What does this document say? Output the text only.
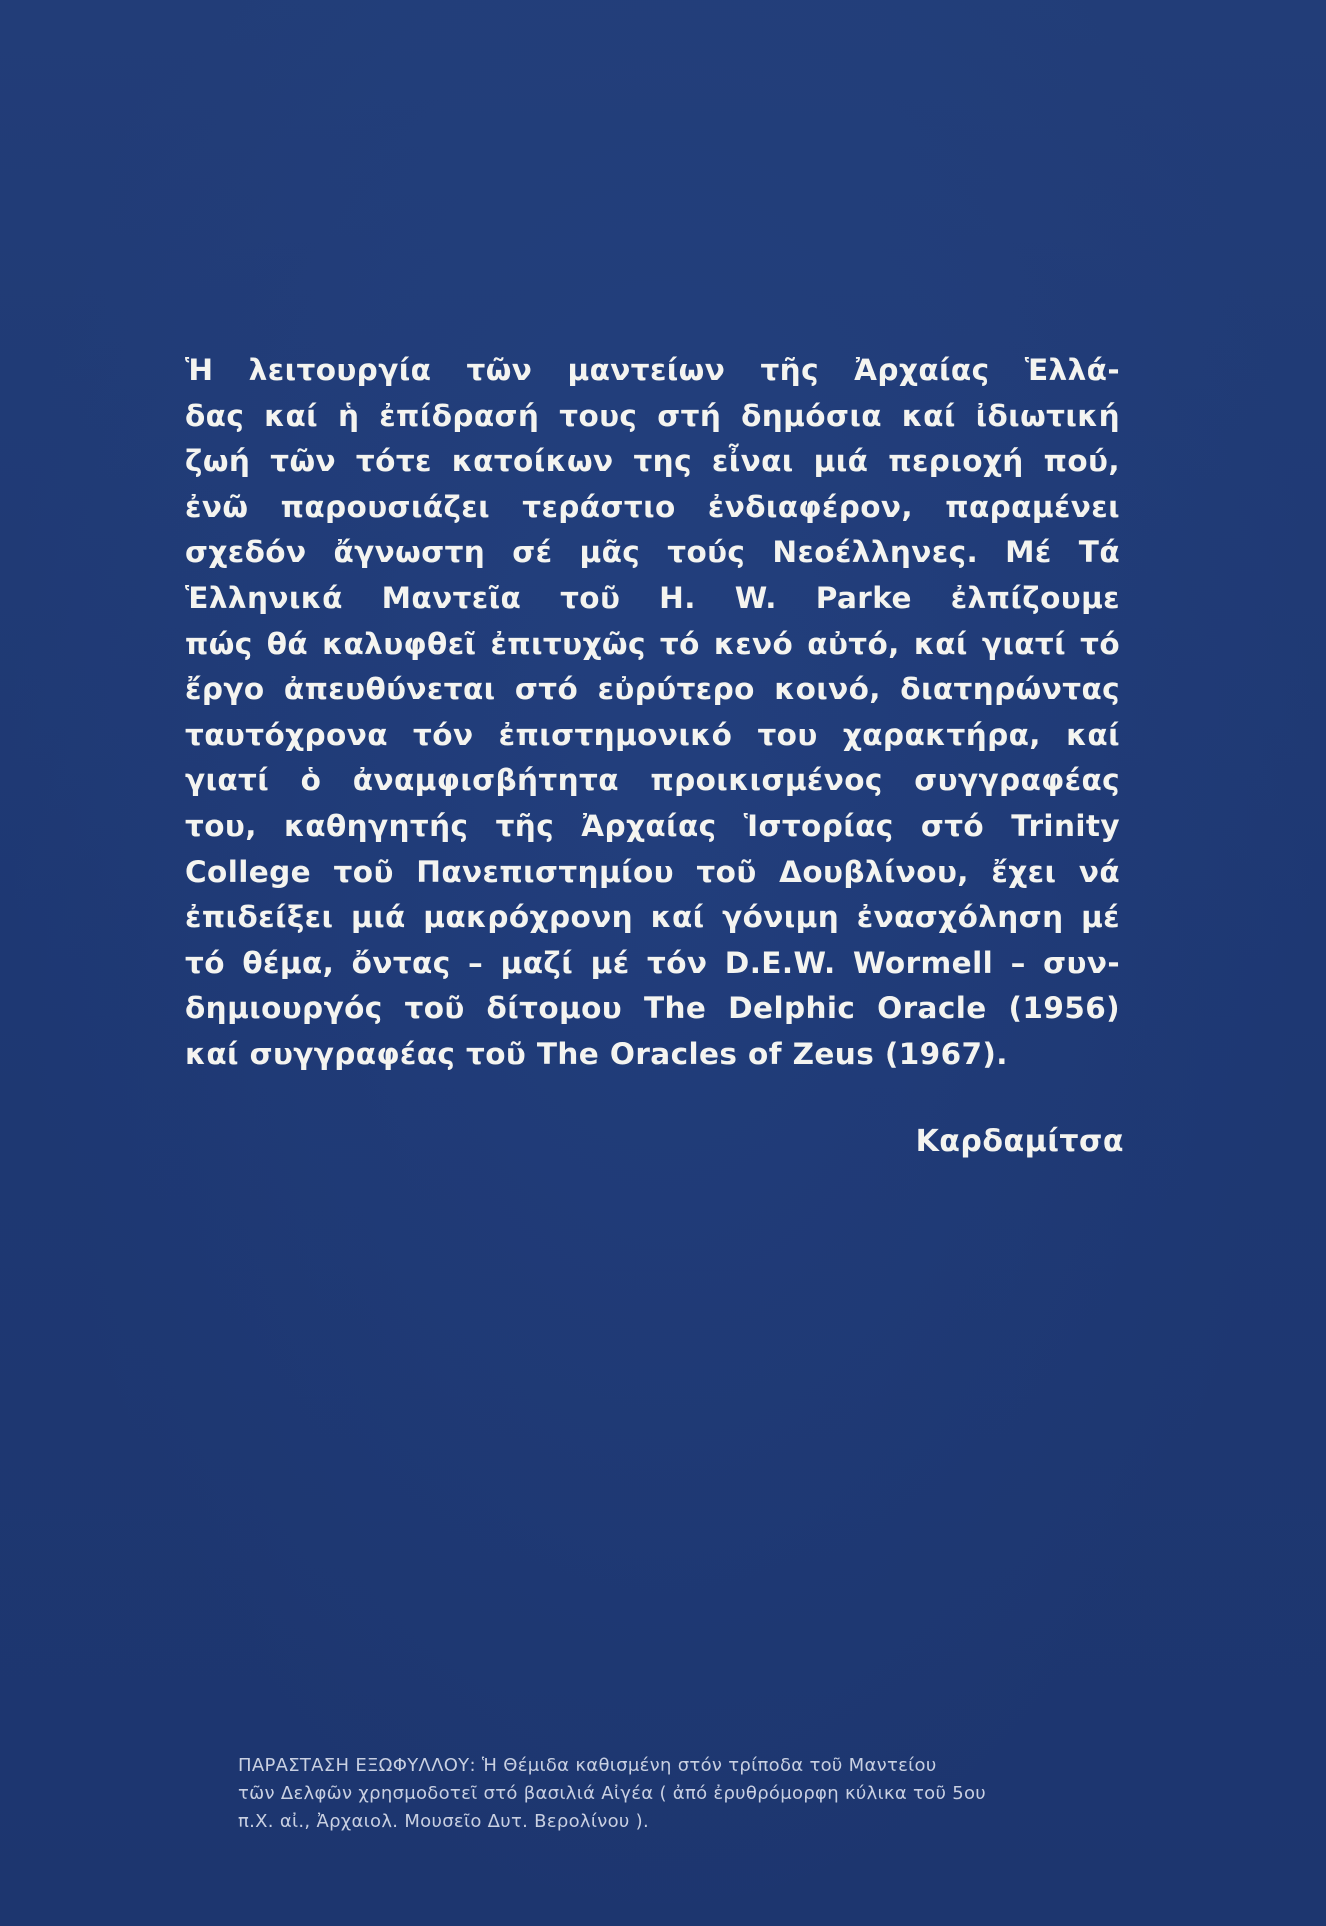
Ἡ λειτουργία τῶν μαντείων τῆς Ἀρχαίας Ἑλλά-
δας καί ἡ ἐπίδρασή τους στή δημόσια καί ἰδιωτική
ζωή τῶν τότε κατοίκων της εἶναι μιά περιοχή πού,
ἐνῶ παρουσιάζει τεράστιο ἐνδιαφέρον, παραμένει
σχεδόν ἄγνωστη σέ μᾶς τούς Νεοέλληνες. Μέ Τά
Ἑλληνικά Μαντεῖα τοῦ H. W. Parke ἐλπίζουμε
πώς θά καλυφθεῖ ἐπιτυχῶς τό κενό αὐτό, καί γιατί τό
ἔργο ἀπευθύνεται στό εὐρύτερο κοινό, διατηρώντας
ταυτόχρονα τόν ἐπιστημονικό του χαρακτήρα, καί
γιατί ὁ ἀναμφισβήτητα προικισμένος συγγραφέας
του, καθηγητής τῆς Ἀρχαίας Ἱστορίας στό Trinity
College τοῦ Πανεπιστημίου τοῦ Δουβλίνου, ἔχει νά
ἐπιδείξει μιά μακρόχρονη καί γόνιμη ἐνασχόληση μέ
τό θέμα, ὄντας – μαζί μέ τόν D.E.W. Wormell – συν-
δημιουργός τοῦ δίτομου The Delphic Oracle (1956)
καί συγγραφέας τοῦ The Oracles of Zeus (1967).
Καρδαμίτσα
ΠΑΡΑΣΤΑΣΗ ΕΞΩΦΥΛΛΟΥ: Ἡ Θέμιδα καθισμένη στόν τρίποδα τοῦ Μαντείου
τῶν Δελφῶν χρησμοδοτεῖ στό βασιλιά Αἰγέα ( ἀπό ἐρυθρόμορφη κύλικα τοῦ 5ου
π.Χ. αἰ., Ἀρχαιολ. Μουσεῖο Δυτ. Βερολίνου ).
